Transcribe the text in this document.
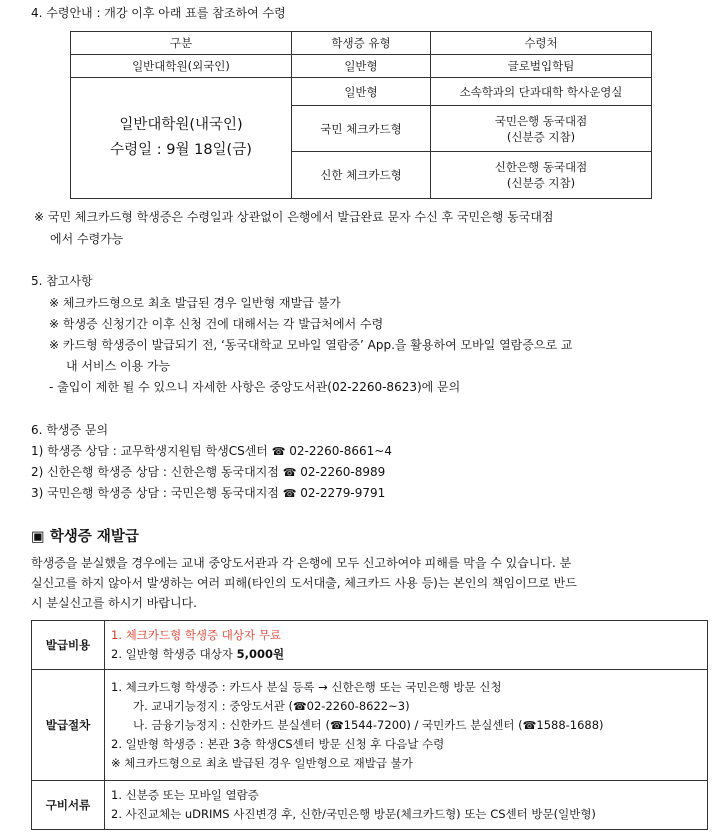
4. 수령안내 : 개강 이후 아래 표를 참조하여 수령
구분	학생증 유형	수령처
일반대학원(외국인)	일반형	글로벌입학팀

일반대학원(내국인)
수령일 : 9월 18일(금)	일반형	소속학과의 단과대학 학사운영실
	국민 체크카드형	국민은행 동국대점
(신분증 지참)

	신한 체크카드형	신한은행 동국대점
(신분증 지참)
※ 국민 체크카드형 학생증은 수령일과 상관없이 은행에서 발급완료 문자 수신 후 국민은행 동국대점
에서 수령가능
5. 참고사항
※ 체크카드형으로 최초 발급된 경우 일반형 재발급 불가
※ 학생증 신청기간 이후 신청 건에 대해서는 각 발급처에서 수령
※ 카드형 학생증이 발급되기 전, ‘동국대학교 모바일 열람증’ App.을 활용하여 모바일 열람증으로 교
내 서비스 이용 가능
- 출입이 제한 될 수 있으니 자세한 사항은 중앙도서관(02-2260-8623)에 문의
6. 학생증 문의
1) 학생증 상담 : 교무학생지원팀 학생CS센터 ☎ 02-2260-8661~4
2) 신한은행 학생증 상담 : 신한은행 동국대지점 ☎ 02-2260-8989
3) 국민은행 학생증 상담 : 국민은행 동국대지점 ☎ 02-2279-9791
▣ 학생증 재발급
학생증을 분실했을 경우에는 교내 중앙도서관과 각 은행에 모두 신고하여야 피해를 막을 수 있습니다. 분
실신고를 하지 않아서 발생하는 여러 피해(타인의 도서대출, 체크카드 사용 등)는 본인의 책임이므로 반드
시 분실신고를 하시기 바랍니다.
발급비용	1. 체크카드형 학생증 대상자 무료
2. 일반형 학생증 대상자 5,000원

발급절차	1. 체크카드형 학생증 : 카드사 분실 등록 → 신한은행 또는 국민은행 방문 신청
가. 교내기능정지 : 중앙도서관 (☎02-2260-8622~3)
나. 금융기능정지 : 신한카드 분실센터 (☎1544-7200) / 국민카드 분실센터 (☎1588-1688)
2. 일반형 학생증 : 본관 3층 학생CS센터 방문 신청 후 다음날 수령
※ 체크카드형으로 최초 발급된 경우 일반형으로 재발급 불가

구비서류	1. 신분증 또는 모바일 열람증
2. 사진교체는 uDRIMS 사진변경 후, 신한/국민은행 방문(체크카드형) 또는 CS센터 방문(일반형)
